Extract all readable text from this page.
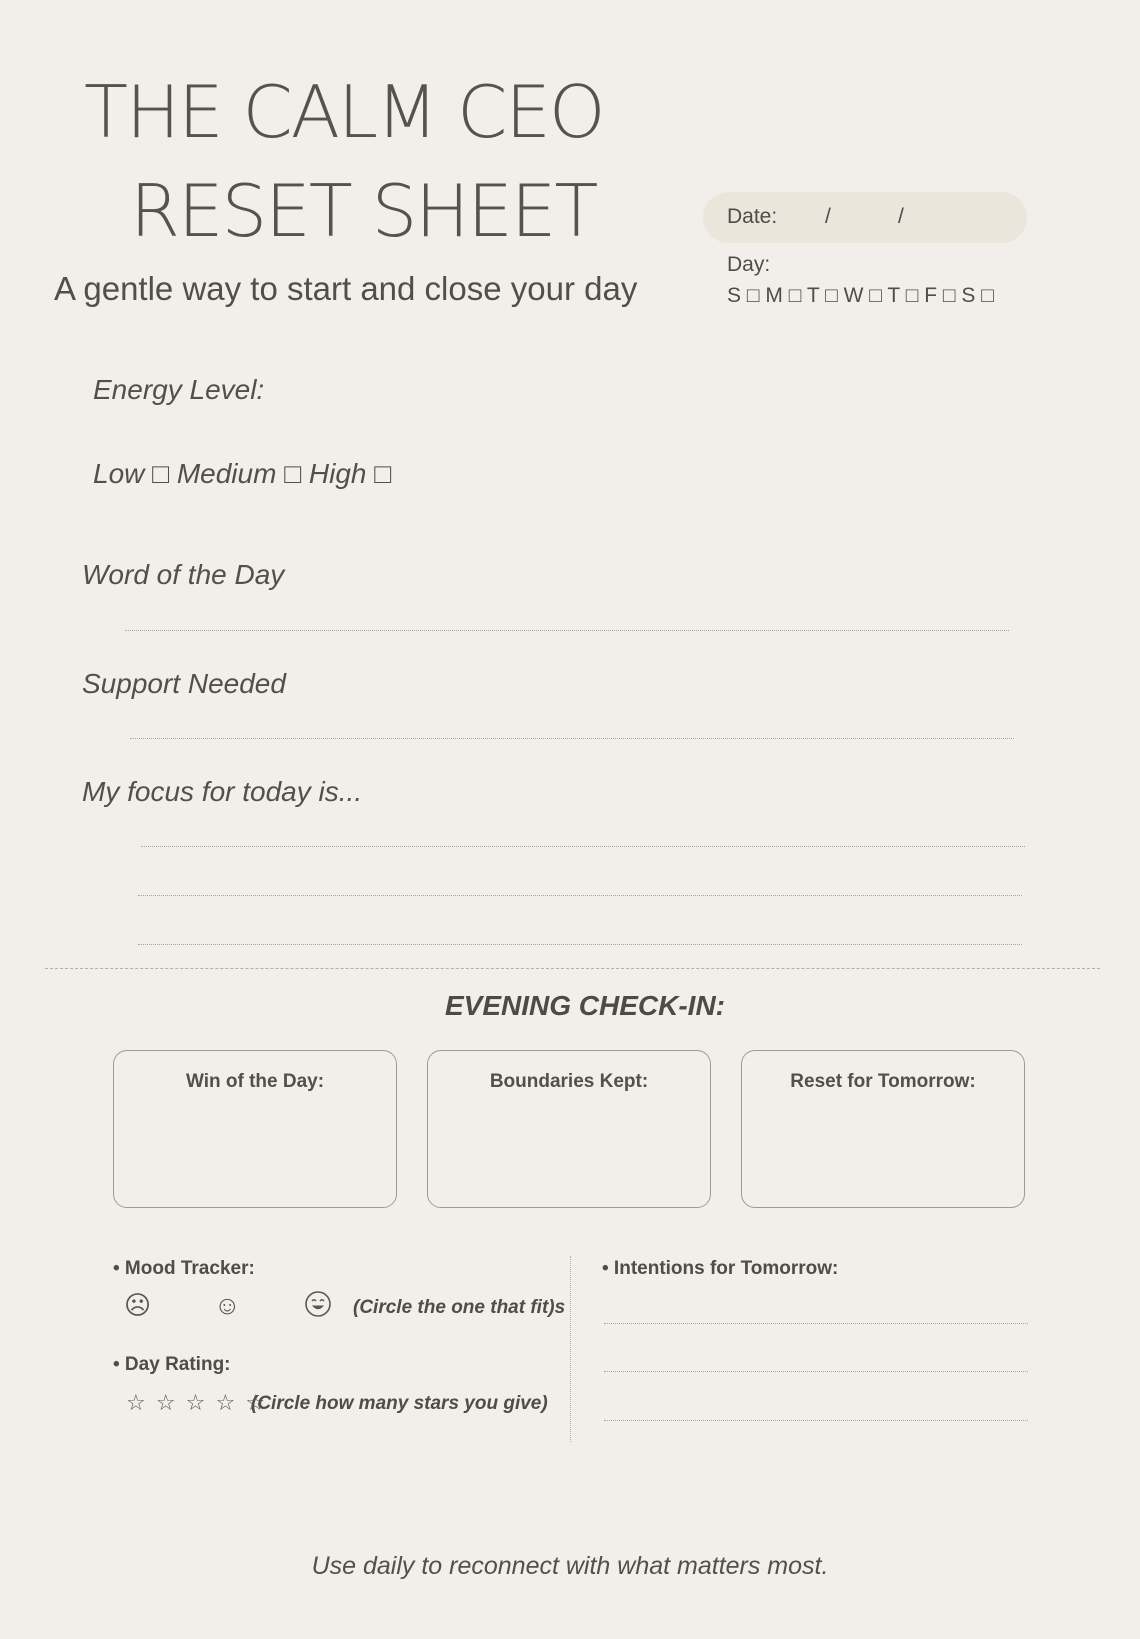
THE CALM CEO
RESET SHEET
A gentle way to start and close your day
Date: /	/
Day:
S □ M □ T □ W □ T □ F □ S □
Energy Level:
Low □ Medium □ High □
Word of the Day
Support Needed
My focus for today is...
EVENING CHECK-IN:
Win of the Day:	Boundaries Kept:	Reset for Tomorrow:
• Mood Tracker:
☹ ☺	(Circle the one that fit)s
• Day Rating:
☆ ☆ ☆ ☆ ☆
(Circle how many stars you give)
• Intentions for Tomorrow:
Use daily to reconnect with what matters most.
